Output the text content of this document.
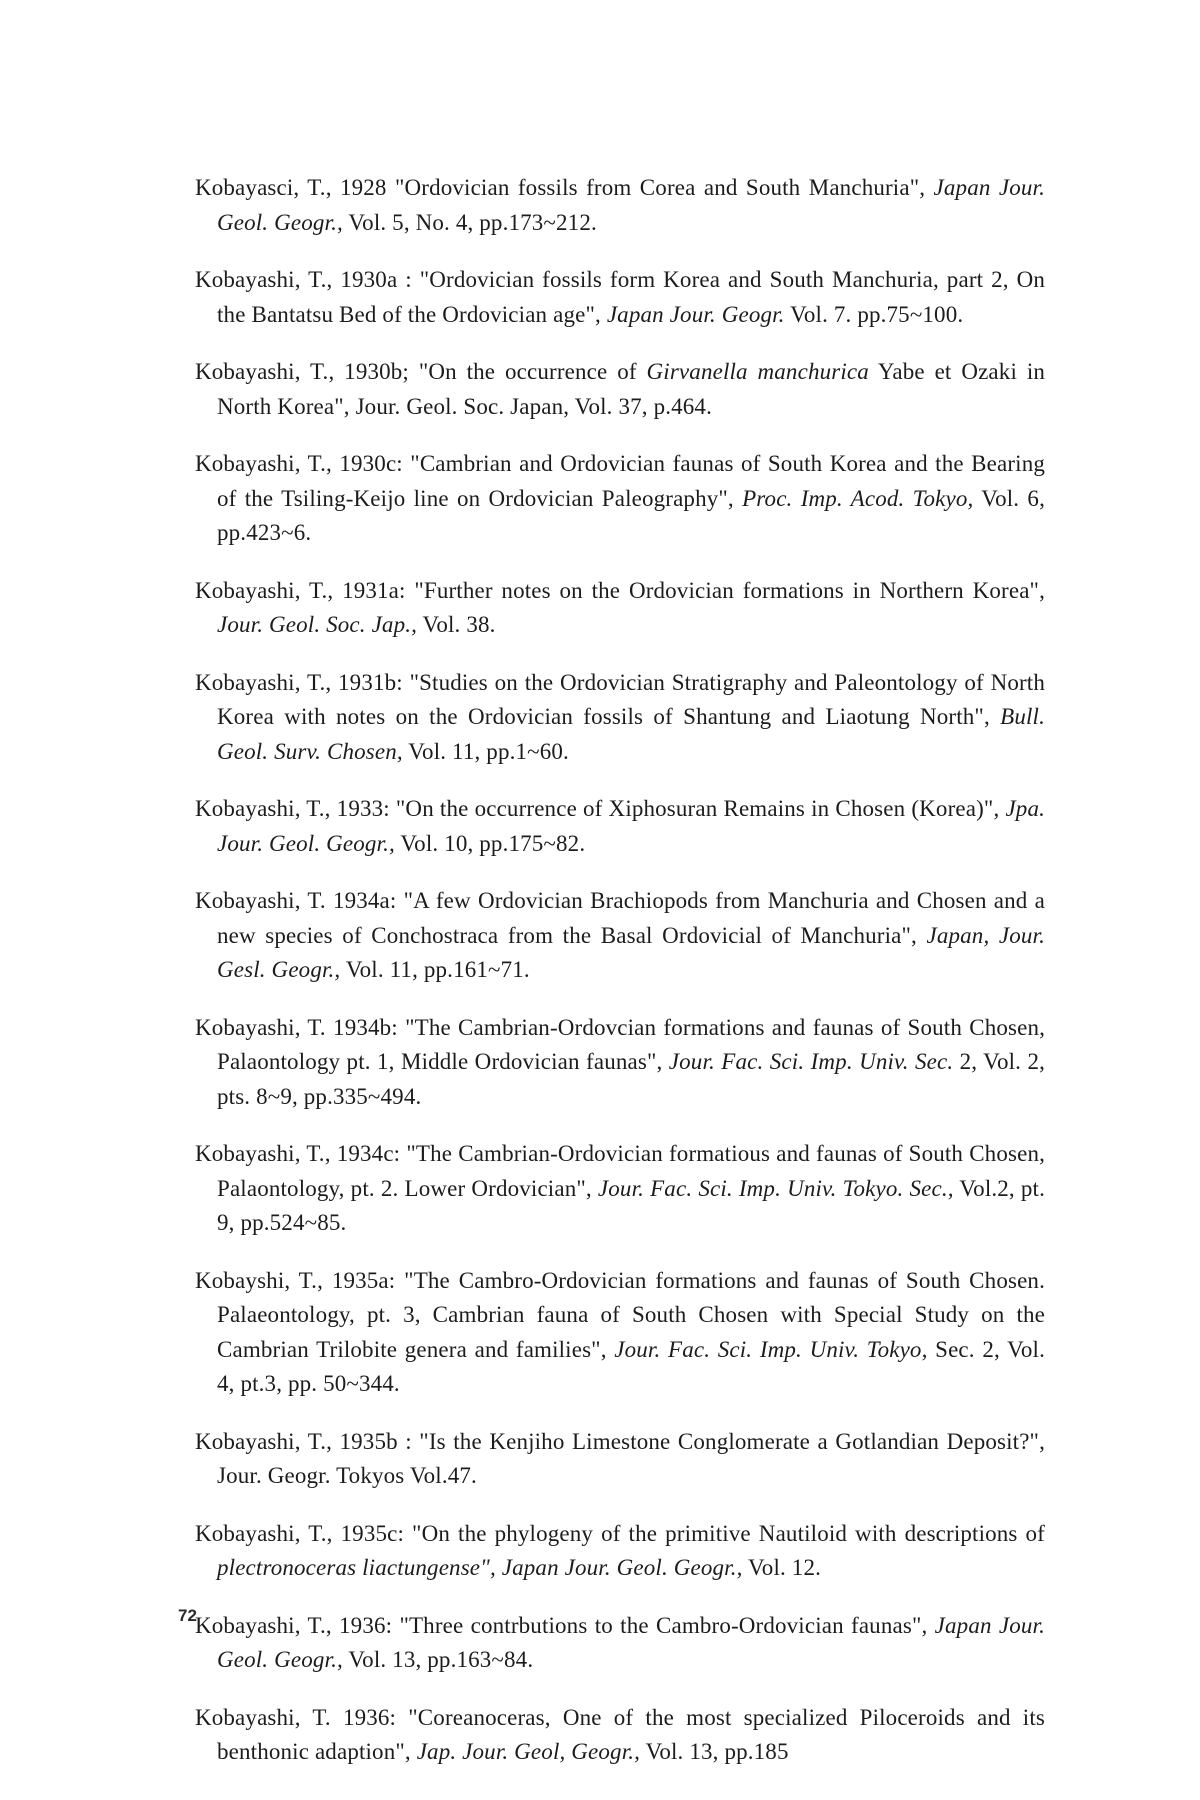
Kobayasci, T., 1928 "Ordovician fossils from Corea and South Manchuria", Japan Jour. Geol. Geogr., Vol. 5, No. 4, pp.173~212.

Kobayashi, T., 1930a : "Ordovician fossils form Korea and South Manchuria, part 2, On the Bantatsu Bed of the Ordovician age", Japan Jour. Geogr. Vol. 7. pp.75~100.

Kobayashi, T., 1930b; "On the occurrence of Girvanella manchurica Yabe et Ozaki in North Korea", Jour. Geol. Soc. Japan, Vol. 37, p.464.

Kobayashi, T., 1930c: "Cambrian and Ordovician faunas of South Korea and the Bearing of the Tsiling-Keijo line on Ordovician Paleography", Proc. Imp. Acod. Tokyo, Vol. 6, pp.423~6.

Kobayashi, T., 1931a: "Further notes on the Ordovician formations in Northern Korea", Jour. Geol. Soc. Jap., Vol. 38.

Kobayashi, T., 1931b: "Studies on the Ordovician Stratigraphy and Paleontology of North Korea with notes on the Ordovician fossils of Shantung and Liaotung North", Bull. Geol. Surv. Chosen, Vol. 11, pp.1~60.

Kobayashi, T., 1933: "On the occurrence of Xiphosuran Remains in Chosen (Korea)", Jpa. Jour. Geol. Geogr., Vol. 10, pp.175~82.

Kobayashi, T. 1934a: "A few Ordovician Brachiopods from Manchuria and Chosen and a new species of Conchostraca from the Basal Ordovicial of Manchuria", Japan, Jour. Gesl. Geogr., Vol. 11, pp.161~71.

Kobayashi, T. 1934b: "The Cambrian-Ordovcian formations and faunas of South Chosen, Palaontology pt. 1, Middle Ordovician faunas", Jour. Fac. Sci. Imp. Univ. Sec. 2, Vol. 2, pts. 8~9, pp.335~494.

Kobayashi, T., 1934c: "The Cambrian-Ordovician formatious and faunas of South Chosen, Palaontology, pt. 2. Lower Ordovician", Jour. Fac. Sci. Imp. Univ. Tokyo. Sec., Vol.2, pt. 9, pp.524~85.

Kobayshi, T., 1935a: "The Cambro-Ordovician formations and faunas of South Chosen. Palaeontology, pt. 3, Cambrian fauna of South Chosen with Special Study on the Cambrian Trilobite genera and families", Jour. Fac. Sci. Imp. Univ. Tokyo, Sec. 2, Vol. 4, pt.3, pp. 50~344.

Kobayashi, T., 1935b : "Is the Kenjiho Limestone Conglomerate a Gotlandian Deposit?", Jour. Geogr. Tokyos Vol.47.

Kobayashi, T., 1935c: "On the phylogeny of the primitive Nautiloid with descriptions of plectronoceras liactungense", Japan Jour. Geol. Geogr., Vol. 12.

Kobayashi, T., 1936: "Three contrbutions to the Cambro-Ordovician faunas", Japan Jour. Geol. Geogr., Vol. 13, pp.163~84.

Kobayashi, T. 1936: "Coreanoceras, One of the most specialized Piloceroids and its benthonic adaption", Jap. Jour. Geol, Geogr., Vol. 13, pp.185

72
